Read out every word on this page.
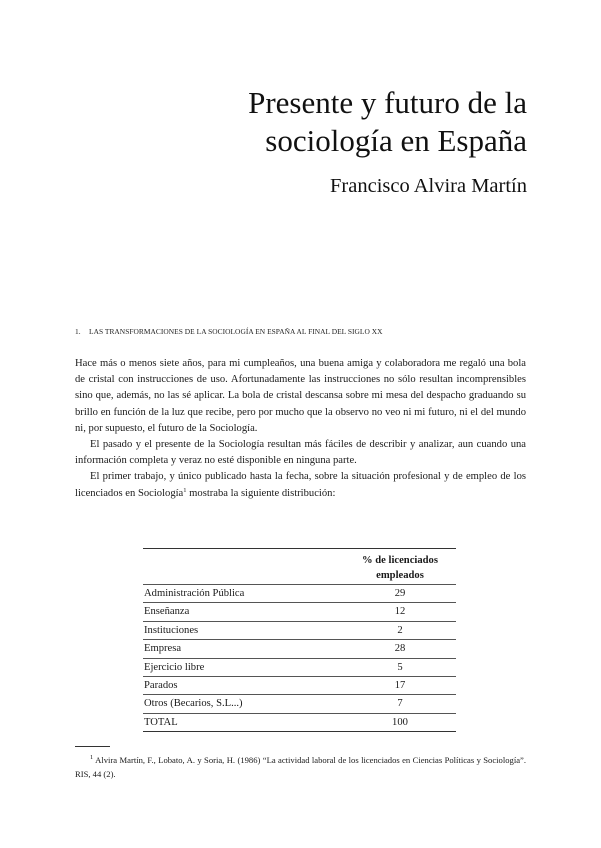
Presente y futuro de la
sociología en España
Francisco Alvira Martín
1. LAS TRANSFORMACIONES DE LA SOCIOLOGÍA EN ESPAÑA AL FINAL DEL SIGLO XX

Hace más o menos siete años, para mi cumpleaños, una buena amiga y colaboradora me regaló una bola de cristal con instrucciones de uso. Afortunadamente las instrucciones no sólo resultan incomprensibles sino que, además, no las sé aplicar. La bola de cristal descansa sobre mi mesa del despacho graduando su brillo en función de la luz que recibe, pero por mucho que la observo no veo ni mi futuro, ni el del mundo ni, por supuesto, el futuro de la Sociología.

El pasado y el presente de la Sociología resultan más fáciles de describir y analizar, aun cuando una información completa y veraz no esté disponible en ninguna parte.

El primer trabajo, y único publicado hasta la fecha, sobre la situación profesional y de empleo de los licenciados en Sociología$^1$ mostraba la siguiente distribución:

	% de licenciados
empleados

Administración Pública	29
Enseñanza	12
Instituciones	2
Empresa	28
Ejercicio libre	5
Parados	17
Otros (Becarios, S.L...)	7
TOTAL	100
$^1$ Alvira Martín, F., Lobato, A. y Soria, H. (1986) “La actividad laboral de los licenciados en Ciencias Políticas y Sociología”. RIS, 44 (2).
